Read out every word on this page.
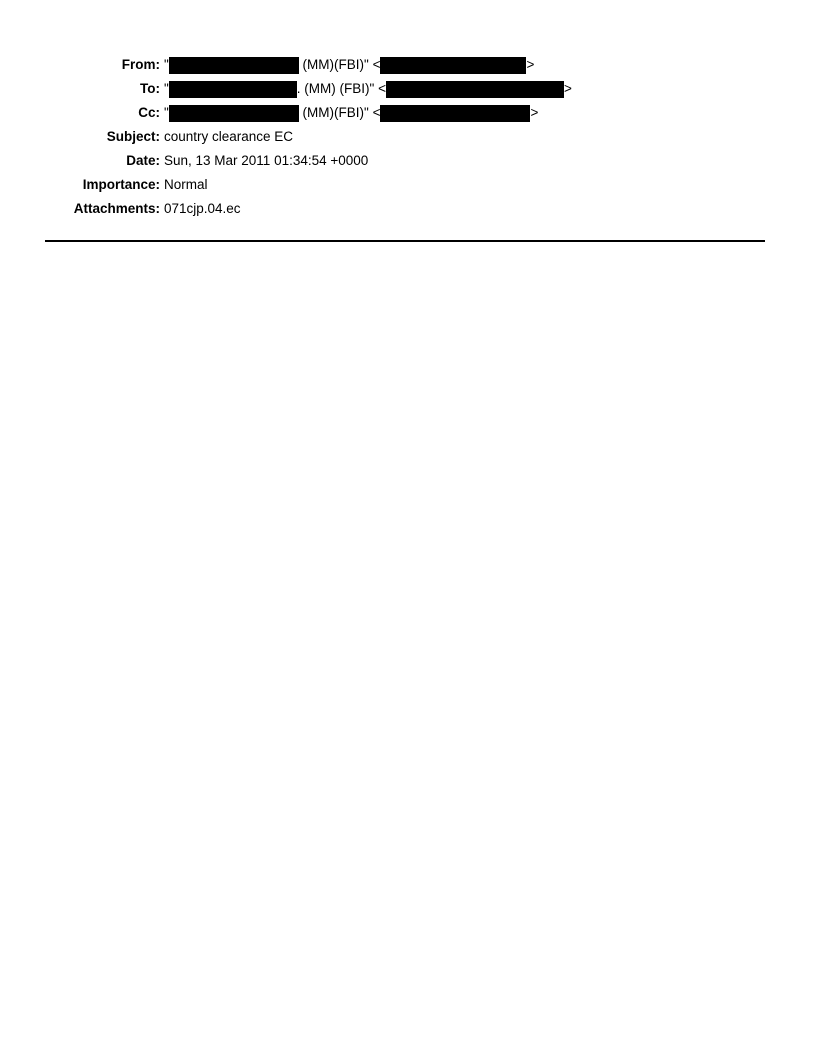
From: "	(MM)(FBI)" <	>
To: "	. (MM) (FBI)" <	>
Cc: "	(MM)(FBI)" <	>
Subject: country clearance EC
Date: Sun, 13 Mar 2011 01:34:54 +0000
Importance: Normal
Attachments: 071cjp.04.ec
